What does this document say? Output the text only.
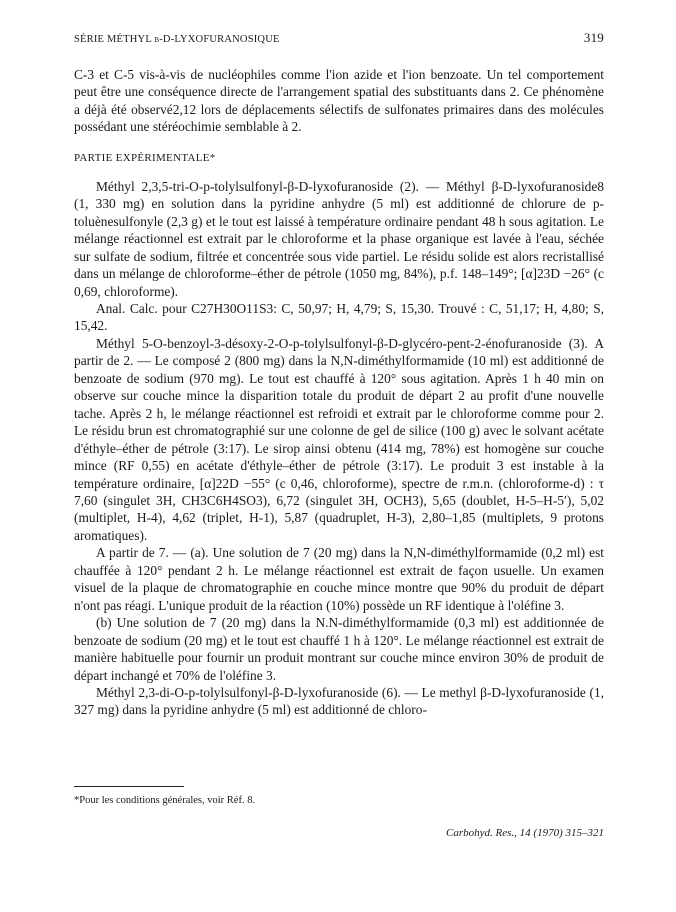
SÉRIE MÉTHYL β-D-LYXOFURANOSIQUE	319

C-3 et C-5 vis-à-vis de nucléophiles comme l'ion azide et l'ion benzoate. Un tel comportement peut être une conséquence directe de l'arrangement spatial des substituants dans 2. Ce phénomène a déjà été observé2,12 lors de déplacements sélectifs de sulfonates primaires dans des molécules possédant une stéréochimie semblable à 2.

PARTIE EXPÉRIMENTALE*

Méthyl 2,3,5-tri-O-p-tolylsulfonyl-β-D-lyxofuranoside (2). — Méthyl β-D-lyxofuranoside8 (1, 330 mg) en solution dans la pyridine anhydre (5 ml) est additionné de chlorure de p-toluènesulfonyle (2,3 g) et le tout est laissé à température ordinaire pendant 48 h sous agitation. Le mélange réactionnel est extrait par le chloroforme et la phase organique est lavée à l'eau, séchée sur sulfate de sodium, filtrée et concentrée sous vide partiel. Le résidu solide est alors recristallisé dans un mélange de chloroforme–éther de pétrole (1050 mg, 84%), p.f. 148–149°; [α]23D −26° (c 0,69, chloroforme).

Anal. Calc. pour C27H30O11S3: C, 50,97; H, 4,79; S, 15,30. Trouvé : C, 51,17; H, 4,80; S, 15,42.

Méthyl 5-O-benzoyl-3-désoxy-2-O-p-tolylsulfonyl-β-D-glycéro-pent-2-énofuranoside (3). A partir de 2. — Le composé 2 (800 mg) dans la N,N-diméthylformamide (10 ml) est additionné de benzoate de sodium (970 mg). Le tout est chauffé à 120° sous agitation. Après 1 h 40 min on observe sur couche mince la disparition totale du produit de départ 2 au profit d'une nouvelle tache. Après 2 h, le mélange réactionnel est refroidi et extrait par le chloroforme comme pour 2. Le résidu brun est chromatographié sur une colonne de gel de silice (100 g) avec le solvant acétate d'éthyle–éther de pétrole (3:17). Le sirop ainsi obtenu (414 mg, 78%) est homogène sur couche mince (RF 0,55) en acétate d'éthyle–éther de pétrole (3:17). Le produit 3 est instable à la température ordinaire, [α]22D −55° (c 0,46, chloroforme), spectre de r.m.n. (chloroforme-d) : τ 7,60 (singulet 3H, CH3C6H4SO3), 6,72 (singulet 3H, OCH3), 5,65 (doublet, H-5–H-5′), 5,02 (multiplet, H-4), 4,62 (triplet, H-1), 5,87 (quadruplet, H-3), 2,80–1,85 (multiplets, 9 protons aromatiques).

A partir de 7. — (a). Une solution de 7 (20 mg) dans la N,N-diméthylformamide (0,2 ml) est chauffée à 120° pendant 2 h. Le mélange réactionnel est extrait de façon usuelle. Un examen visuel de la plaque de chromatographie en couche mince montre que 90% du produit de départ n'ont pas réagi. L'unique produit de la réaction (10%) possède un RF identique à l'oléfine 3.

(b) Une solution de 7 (20 mg) dans la N.N-diméthylformamide (0,3 ml) est additionnée de benzoate de sodium (20 mg) et le tout est chauffé 1 h à 120°. Le mélange réactionnel est extrait de manière habituelle pour fournir un produit montrant sur couche mince environ 30% de produit de départ inchangé et 70% de l'oléfine 3.

Méthyl 2,3-di-O-p-tolylsulfonyl-β-D-lyxofuranoside (6). — Le methyl β-D-lyxofuranoside (1, 327 mg) dans la pyridine anhydre (5 ml) est additionné de chloro-

*Pour les conditions générales, voir Réf. 8.
Carbohyd. Res., 14 (1970) 315–321
